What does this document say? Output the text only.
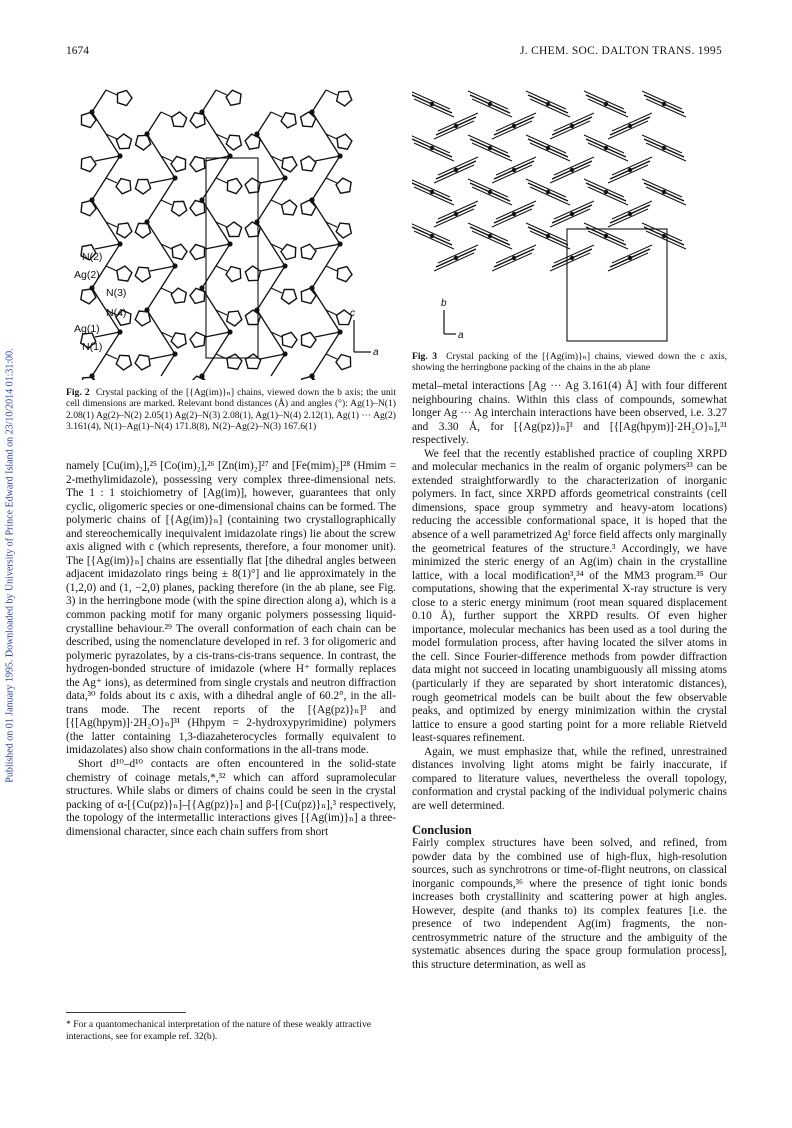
1674	J. CHEM. SOC. DALTON TRANS. 1995
Published on 01 January 1995. Downloaded by University of Prince Edward Island on 23/10/2014 01:31:00.
N(2)
Ag(2)
N(3)
N(4)
Ag(1)
N(1)
c
a
Fig. 2 Crystal packing of the [{Ag(im)}ₙ] chains, viewed down the b axis; the unit cell dimensions are marked. Relevant bond distances (Å) and angles (°): Ag(1)–N(1) 2.08(1) Ag(2)–N(2) 2.05(1) Ag(2)–N(3) 2.08(1), Ag(1)–N(4) 2.12(1), Ag(1) ··· Ag(2) 3.161(4), N(1)–Ag(1)–N(4) 171.8(8), N(2)–Ag(2)–N(3) 167.6(1)

namely [Cu(im)₂],²⁵ [Co(im)₂],²⁶ [Zn(im)₂]²⁷ and [Fe(mim)₂]²⁸ (Hmim = 2-methylimidazole), possessing very complex three-dimensional nets. The 1 : 1 stoichiometry of [Ag(im)], however, guarantees that only cyclic, oligomeric species or one-dimensional chains can be formed. The polymeric chains of [{Ag(im)}ₙ] (containing two crystallographically and stereochemically inequivalent imidazolate rings) lie about the screw axis aligned with c (which represents, therefore, a four monomer unit). The [{Ag(im)}ₙ] chains are essentially flat [the dihedral angles between adjacent imidazolato rings being ± 8(1)°] and lie approximately in the (1,2,0) and (1, −2,0) planes, packing therefore (in the ab plane, see Fig. 3) in the herringbone mode (with the spine direction along a), which is a common packing motif for many organic polymers possessing liquid-crystalline behaviour.²⁹ The overall conformation of each chain can be described, using the nomenclature developed in ref. 3 for oligomeric and polymeric pyrazolates, by a cis-trans-cis-trans sequence. In contrast, the hydrogen-bonded structure of imidazole (where H⁺ formally replaces the Ag⁺ ions), as determined from single crystals and neutron diffraction data,³⁰ folds about its c axis, with a dihedral angle of 60.2°, in the all-trans mode. The recent reports of the [{Ag(pz)}ₙ]³ and [{[Ag(hpym)]·2H₂O}ₙ]³¹ (Hhpym = 2-hydroxypyrimidine) polymers (the latter containing 1,3-diazaheterocycles formally equivalent to imidazolates) also show chain conformations in the all-trans mode.

Short d¹⁰–d¹⁰ contacts are often encountered in the solid-state chemistry of coinage metals,*,³² which can afford supramolecular structures. While slabs or dimers of chains could be seen in the crystal packing of α-[{Cu(pz)}ₙ]–[{Ag(pz)}ₙ] and β-[{Cu(pz)}ₙ],³ respectively, the topology of the intermetallic interactions gives [{Ag(im)}ₙ] a three-dimensional character, since each chain suffers from short

* For a quantomechanical interpretation of the nature of these weakly attractive interactions, see for example ref. 32(b).
b
a
Fig. 3 Crystal packing of the [{Ag(im)}ₙ] chains, viewed down the c axis, showing the herringbone packing of the chains in the ab plane

metal–metal interactions [Ag ··· Ag 3.161(4) Å] with four different neighbouring chains. Within this class of compounds, somewhat longer Ag ··· Ag interchain interactions have been observed, i.e. 3.27 and 3.30 Å, for [{Ag(pz)}ₙ]³ and [{[Ag(hpym)]·2H₂O}ₙ],³¹ respectively.

We feel that the recently established practice of coupling XRPD and molecular mechanics in the realm of organic polymers³³ can be extended straightforwardly to the characterization of inorganic polymers. In fact, since XRPD affords geometrical constraints (cell dimensions, space group symmetry and heavy-atom locations) reducing the accessible conformational space, it is hoped that the absence of a well parametrized Agᴵ force field affects only marginally the geometrical features of the structure.³ Accordingly, we have minimized the steric energy of an Ag(im) chain in the crystalline lattice, with a local modification³,³⁴ of the MM3 program.³⁵ Our computations, showing that the experimental X-ray structure is very close to a steric energy minimum (root mean squared displacement 0.10 Å), further support the XRPD results. Of even higher importance, molecular mechanics has been used as a tool during the model formulation process, after having located the silver atoms in the cell. Since Fourier-difference methods from powder diffraction data might not succeed in locating unambiguously all missing atoms (particularly if they are separated by short interatomic distances), rough geometrical models can be built about the few observable peaks, and optimized by energy minimization within the crystal lattice to ensure a good starting point for a more reliable Rietveld least-squares refinement.

Again, we must emphasize that, while the refined, unrestrained distances involving light atoms might be fairly inaccurate, if compared to literature values, nevertheless the overall topology, conformation and crystal packing of the individual polymeric chains are well determined.

Conclusion

Fairly complex structures have been solved, and refined, from powder data by the combined use of high-flux, high-resolution sources, such as synchrotrons or time-of-flight neutrons, on classical inorganic compounds,³⁶ where the presence of tight ionic bonds increases both crystallinity and scattering power at high angles. However, despite (and thanks to) its complex features [i.e. the presence of two independent Ag(im) fragments, the non-centrosymmetric nature of the structure and the ambiguity of the systematic absences during the space group formulation process], this structure determination, as well as
